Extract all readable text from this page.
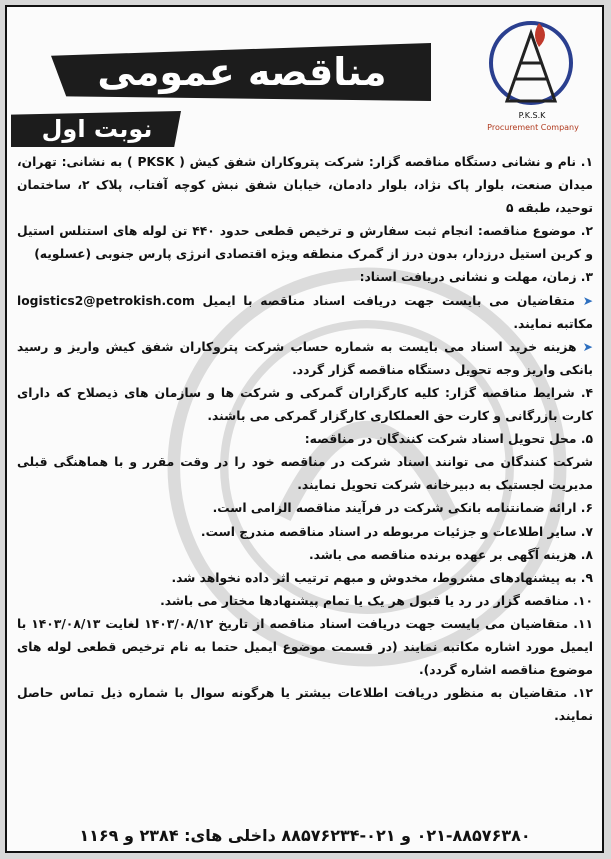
مناقصه عمومی
نوبت اول	P.K.S.K
Procurement Company
۱. نام و نشانی دستگاه مناقصه گزار: شرکت پتروکاران شفق کیش ( PKSK ) به نشانی: تهران، میدان صنعت، بلوار پاک نژاد، بلوار دادمان، خیابان شفق نبش کوچه آفتاب، پلاک ۲، ساختمان توحید، طبقه ۵
۲. موضوع مناقصه: انجام ثبت سفارش و ترخیص قطعی حدود ۴۴۰ تن لوله های استنلس استیل و کربن استیل درزدار، بدون درز از گمرک منطقه ویژه اقتصادی انرژی پارس جنوبی (عسلویه)
۳. زمان، مهلت و نشانی دریافت اسناد:
➤ متقاضیان می بایست جهت دریافت اسناد مناقصه با ایمیل logistics2@petrokish.com مکاتبه نمایند.
➤ هزینه خرید اسناد می بایست به شماره حساب شرکت پتروکاران شفق کیش واریز و رسید بانکی واریز وجه تحویل دستگاه مناقصه گزار گردد.
۴. شرایط مناقصه گزار: کلیه کارگزاران گمرکی و شرکت ها و سازمان های ذیصلاح که دارای کارت بازرگانی و کارت حق العملکاری کارگزار گمرکی می باشند.
۵. محل تحویل اسناد شرکت کنندگان در مناقصه:
شرکت کنندگان می توانند اسناد شرکت در مناقصه خود را در وقت مقرر و با هماهنگی قبلی مدیریت لجستیک به دبیرخانه شرکت تحویل نمایند.
۶. ارائه ضمانتنامه بانکی شرکت در فرآیند مناقصه الزامی است.
۷. سایر اطلاعات و جزئیات مربوطه در اسناد مناقصه مندرج است.
۸. هزینه آگهی بر عهده برنده مناقصه می باشد.
۹. به پیشنهادهای مشروط، مخدوش و مبهم ترتیب اثر داده نخواهد شد.
۱۰. مناقصه گزار در رد یا قبول هر یک یا تمام پیشنهادها مختار می باشد.
۱۱. متقاضیان می بایست جهت دریافت اسناد مناقصه از تاریخ ۱۴۰۳/۰۸/۱۲ لغایت ۱۴۰۳/۰۸/۱۳ با ایمیل مورد اشاره مکاتبه نمایند (در قسمت موضوع ایمیل حتما به نام ترخیص قطعی لوله های موضوع مناقصه اشاره گردد).
۱۲. متقاضیان به منظور دریافت اطلاعات بیشتر یا هرگونه سوال با شماره ذیل تماس حاصل نمایند.
۰۲۱-۸۸۵۷۶۳۸۰ و ۰۲۱-۸۸۵۷۶۲۳۴ داخلی های: ۲۳۸۴ و ۱۱۶۹
